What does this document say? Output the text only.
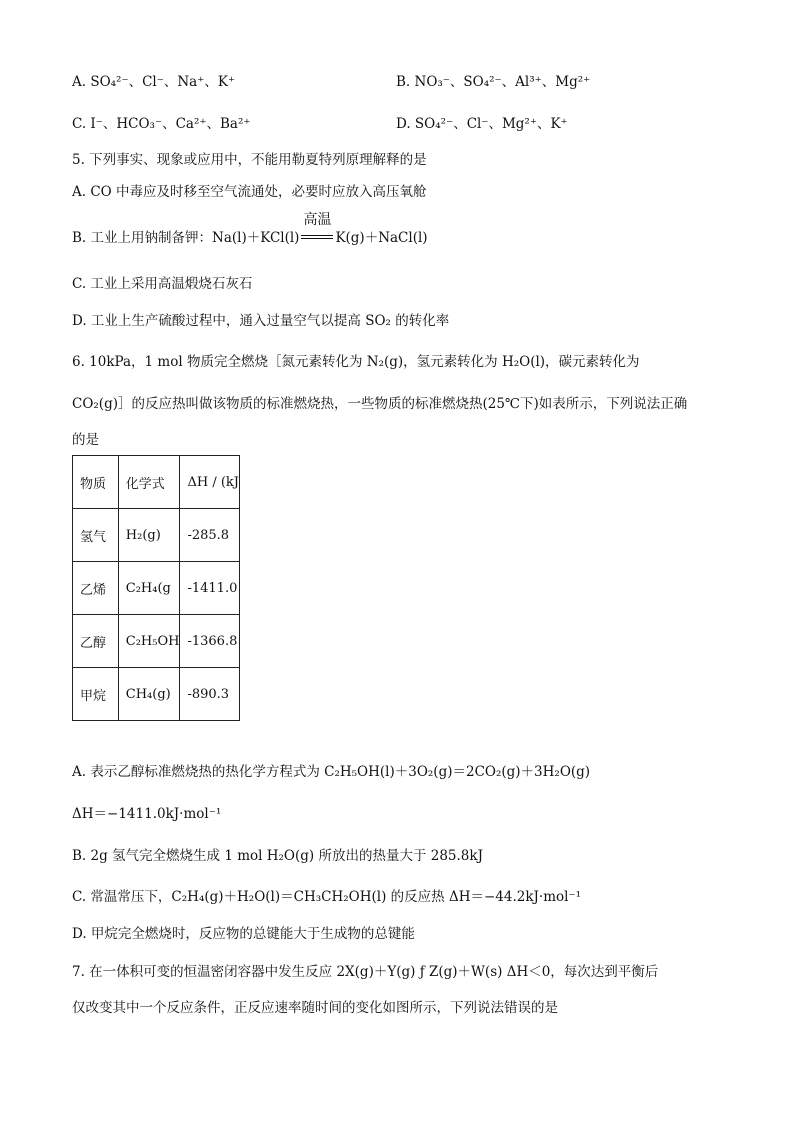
A. SO₄²⁻、Cl⁻、Na⁺、K⁺	B. NO₃⁻、SO₄²⁻、Al³⁺、Mg²⁺
C. I⁻、HCO₃⁻、Ca²⁺、Ba²⁺	D. SO₄²⁻、Cl⁻、Mg²⁺、K⁺
5. 下列事实、现象或应用中，不能用勒夏特列原理解释的是
A. CO 中毒应及时移至空气流通处，必要时应放入高压氧舱
B. 工业上用钠制备钾：Na(l)＋KCl(l)
高温
K(g)＋NaCl(l)
C. 工业上采用高温煅烧石灰石
D. 工业上生产硫酸过程中，通入过量空气以提高 SO₂ 的转化率
6. 10kPa，1 mol 物质完全燃烧［氮元素转化为 N₂(g)，氢元素转化为 H₂O(l)，碳元素转化为
CO₂(g)］的反应热叫做该物质的标准燃烧热，一些物质的标准燃烧热(25℃下)如表所示，下列说法正确
的是
物质	化学式	ΔH / (kJ
氢气	H₂(g)	-285.8
乙烯	C₂H₄(g	-1411.0
乙醇	C₂H₅OH	-1366.8
甲烷	CH₄(g)	-890.3
A. 表示乙醇标准燃烧热的热化学方程式为 C₂H₅OH(l)＋3O₂(g)＝2CO₂(g)＋3H₂O(g)
ΔH＝−1411.0kJ·mol⁻¹
B. 2g 氢气完全燃烧生成 1 mol H₂O(g) 所放出的热量大于 285.8kJ
C. 常温常压下，C₂H₄(g)＋H₂O(l)＝CH₃CH₂OH(l) 的反应热 ΔH＝−44.2kJ·mol⁻¹
D. 甲烷完全燃烧时，反应物的总键能大于生成物的总键能
7. 在一体积可变的恒温密闭容器中发生反应 2X(g)＋Y(g) ƒ Z(g)＋W(s) ΔH＜0，每次达到平衡后
仅改变其中一个反应条件，正反应速率随时间的变化如图所示，下列说法错误的是
